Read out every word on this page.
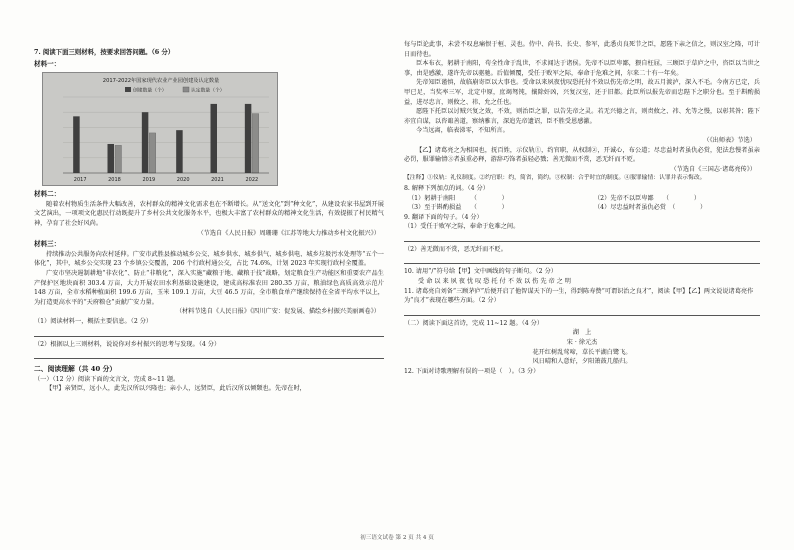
7. 阅读下面三则材料，按要求回答问题。（6 分）
材料一：
2017-2022年国家现代农业产业园创建及认定数量
创建数量（个）	认定数量（个）
2017	2018	2019	2020	2021	2022
材料二：

随着农村物质生活条件大幅改善，农村群众的精神文化需求也在不断增长。从“送文化”到“种文化”，从建设农家书屋到开展文艺演出，一项项文化惠民行动既提升了乡村公共文化服务水平，也极大丰富了农村群众的精神文化生活，有效提振了村民精气神，孕育了社会好风尚。

（节选自《人民日报》周珊珊《江苏等地大力推动乡村文化振兴》）
材料三：

持续推动公共服务向农村延伸。广安市武胜县推动城乡公交、城乡供水、城乡供气、城乡供电、城乡垃圾污水处理等“五个一体化”，其中，城乡公交实现 23 个乡镇公交覆盖，206 个行政村通公交，占比 74.6%，计划 2023 年实现行政村全覆盖。

广安市坚决遏制耕地“非农化”、防止“非粮化”，深入实施“藏粮于地、藏粮于技”战略，划定粮食生产功能区和重要农产品生产保护区地块面积 303.4 万亩，大力开展农田水利基础设施建设，建成高标准农田 280.35 万亩，粮油绿色高质高效示范片 148 万亩，全市水稻种植面积 199.6 万亩，玉米 109.1 万亩，大豆 46.5 万亩，全市粮食单产继续保持在全省平均水平以上，为打造更高水平的“天府粮仓”贡献广安力量。

（材料节选自《人民日报》《四川广安：促发展、描绘乡村振兴美丽画卷》）
（1）阅读材料一，概括主要信息。（2 分）
（2）根据以上三则材料，说说你对乡村振兴的思考与发现。（4 分）
二、阅读理解（共 40 分）
（一）（12 分）阅读下面的文言文，完成 8~11 题。

【甲】亲贤臣，远小人，此先汉所以兴隆也；亲小人，远贤臣，此后汉所以倾颓也。先帝在时，

每与臣论此事，未尝不叹息痛恨于桓、灵也。侍中、尚书、长史、参军，此悉贞良死节之臣，愿陛下亲之信之，则汉室之隆，可计日而待也。

臣本布衣，躬耕于南阳，苟全性命于乱世，不求闻达于诸侯。先帝不以臣卑鄙，猥自枉屈，三顾臣于草庐之中，咨臣以当世之事，由是感激，遂许先帝以驱驰。后值倾覆，受任于败军之际，奉命于危难之间，尔来二十有一年矣。

先帝知臣谨慎，故临崩寄臣以大事也。受命以来夙夜忧叹恐托付不效以伤先帝之明，故五月渡泸，深入不毛。今南方已定，兵甲已足，当奖率三军，北定中原，庶竭驽钝，攘除奸凶，兴复汉室，还于旧都。此臣所以报先帝而忠陛下之职分也。至于斟酌损益，进尽忠言，则攸之、祎、允之任也。

愿陛下托臣以讨贼兴复之效，不效，则治臣之罪，以告先帝之灵。若无兴德之言，则责攸之、祎、允等之慢，以彰其咎；陛下亦宜自谋，以咨诹善道，察纳雅言，深追先帝遗诏，臣不胜受恩感激。

今当远离，临表涕零，不知所言。

（《出师表》节选）

【乙】诸葛亮之为相国也，抚百姓，示仪轨①，约官职，从权制②，开诚心，布公道；尽忠益时者虽仇必赏，犯法怠慢者虽亲必罚，服罪输情③者虽重必释，游辞巧饰者虽轻必戮；善无微而不赏，恶无纤而不贬。

（节选自《三国志·诸葛亮传》）
【注释】①仪轨：礼仪制度。②约官职：约，简省，简约。③权制：合乎时宜的制度。④服罪输情：认罪并表示悔改。
8. 解释下列加点的词。（4 分）
（1）躬耕于南阳　　　（　　　　）	（2）先帝不以臣卑鄙　　（　　　　）
（3）至于斟酌损益　　（　　　　）	（4）尽忠益时者虽仇必赏　（　　　　）
9. 翻译下面的句子。（4 分）
（1）受任于败军之际，奉命于危难之间。
（2）善无微而不赏，恶无纤而不贬。
10. 请用“/”符号给【甲】文中画线的句子断句。（2 分）
受 命 以 来 夙 夜 忧 叹 恐 托 付 不 效 以 伤 先 帝 之 明
11. 诸葛亮自刘备“三顾茅庐”后便开启了他智谋天下的一生，得到陈寿赞“可谓识治之良才”，阅读【甲】【乙】两文说说诸葛亮作为“良才”表现在哪些方面。（2 分）
（二）阅读下面这首诗，完成 11~12 题。（4 分）
湖　上
宋 · 徐元杰
花开红树乱莺啼，草长平湖白鹭飞。
风日晴和人意好，夕阳箫鼓几船归。
12. 下面对诗歌理解有误的一项是（　）。（3 分）
初三语文试卷 第 2 页 共 4 页
